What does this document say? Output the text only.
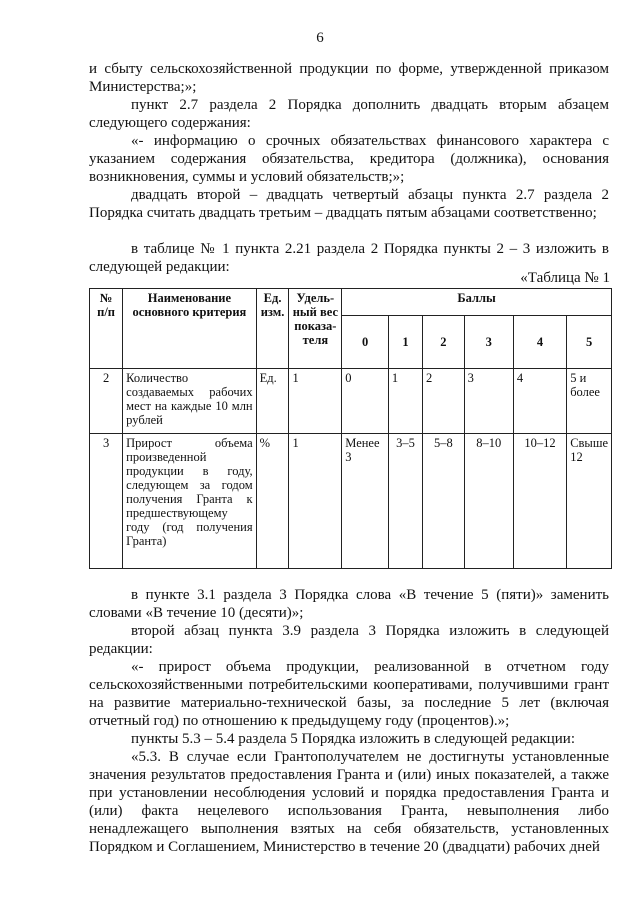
6
и сбыту сельскохозяйственной продукции по форме, утвержденной приказом Министерства;»;
пункт 2.7 раздела 2 Порядка дополнить двадцать вторым абзацем следующего содержания:
«- информацию о срочных обязательствах финансового характера с указанием содержания обязательства, кредитора (должника), основания возникновения, суммы и условий обязательств;»;
двадцать второй – двадцать четвертый абзацы пункта 2.7 раздела 2 Порядка считать двадцать третьим – двадцать пятым абзацами соответственно;
в таблице № 1 пункта 2.21 раздела 2 Порядка пункты 2 – 3 изложить в следующей редакции:
«Таблица № 1
№ п/п	Наименование основного критерия	Ед. изм.	Удель-ный вес показа-теля	Баллы					
				0	1	2	3	4	5
2	Количество создаваемых рабочих мест на каждые 10 млн рублей	Ед.	1	0	1	2	3	4	5 и более
3	Прирост объема произведенной продукции в году, следующем за годом получения Гранта к предшествующему году (год получения Гранта)	%	1	Менее 3	3–5	5–8	8–10	10–12	Свыше 12
в пункте 3.1 раздела 3 Порядка слова «В течение 5 (пяти)» заменить словами «В течение 10 (десяти)»;
второй абзац пункта 3.9 раздела 3 Порядка изложить в следующей редакции:
«- прирост объема продукции, реализованной в отчетном году сельскохозяйственными потребительскими кооперативами, получившими грант на развитие материально-технической базы, за последние 5 лет (включая отчетный год) по отношению к предыдущему году (процентов).»;
пункты 5.3 – 5.4 раздела 5 Порядка изложить в следующей редакции:
«5.3. В случае если Грантополучателем не достигнуты установленные значения результатов предоставления Гранта и (или) иных показателей, а также при установлении несоблюдения условий и порядка предоставления Гранта и (или) факта нецелевого использования Гранта, невыполнения либо ненадлежащего выполнения взятых на себя обязательств, установленных Порядком и Соглашением, Министерство в течение 20 (двадцати) рабочих дней
